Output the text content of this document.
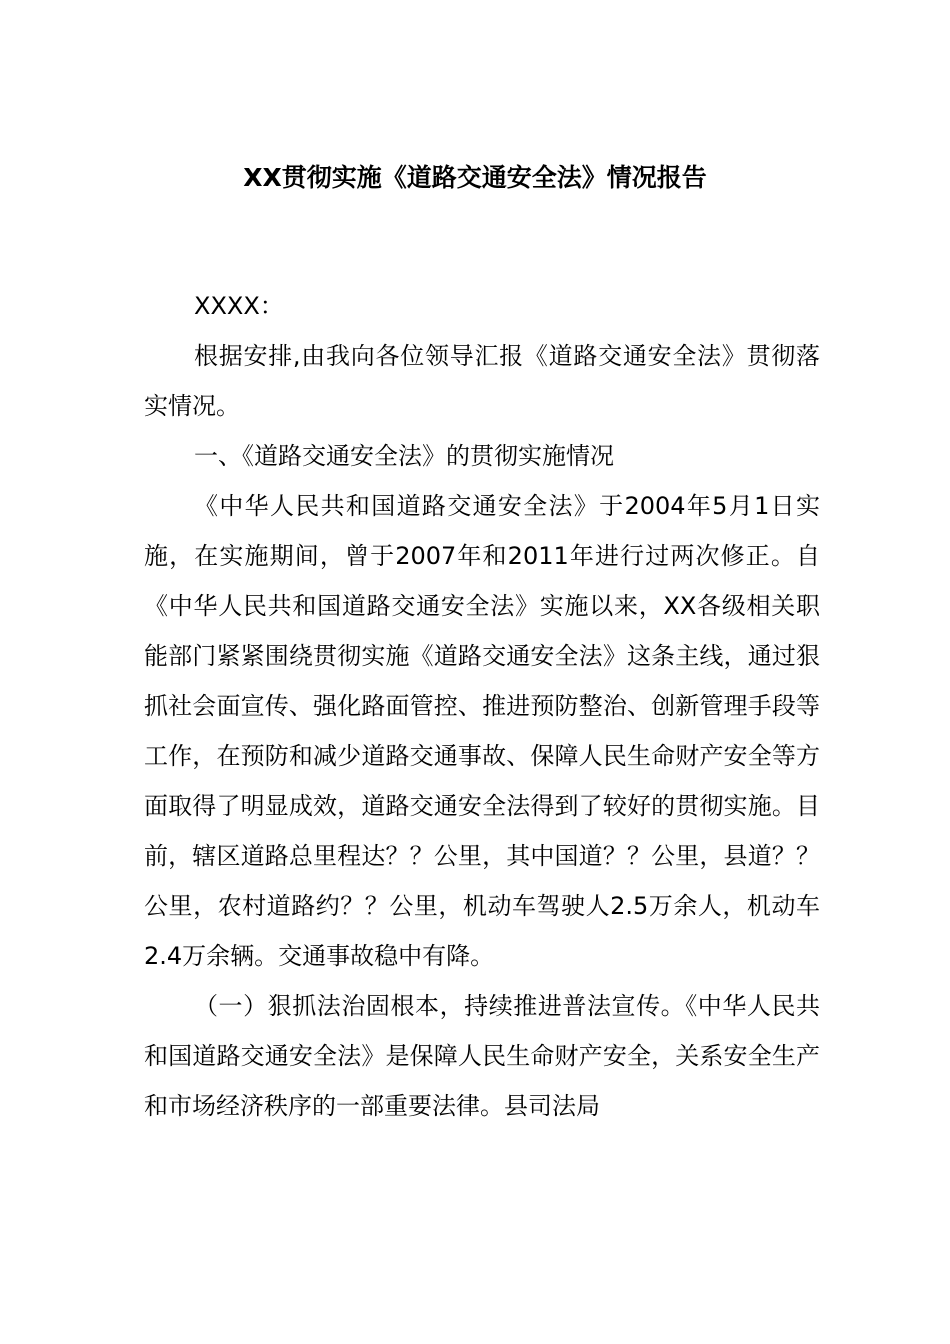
XX贯彻实施《道路交通安全法》情况报告

XXXX：

根据安排,由我向各位领导汇报《道路交通安全法》贯彻落实情况。

一、《道路交通安全法》的贯彻实施情况

《中华人民共和国道路交通安全法》于2004年5月1日实施，在实施期间，曾于2007年和2011年进行过两次修正。自《中华人民共和国道路交通安全法》实施以来，XX各级相关职能部门紧紧围绕贯彻实施《道路交通安全法》这条主线，通过狠抓社会面宣传、强化路面管控、推进预防整治、创新管理手段等工作，在预防和减少道路交通事故、保障人民生命财产安全等方面取得了明显成效，道路交通安全法得到了较好的贯彻实施。目前，辖区道路总里程达？？公里，其中国道？？公里，县道？？公里，农村道路约？？公里，机动车驾驶人2.5万余人，机动车2.4万余辆。交通事故稳中有降。

（一）狠抓法治固根本，持续推进普法宣传。《中华人民共和国道路交通安全法》是保障人民生命财产安全，关系安全生产和市场经济秩序的一部重要法律。县司法局
